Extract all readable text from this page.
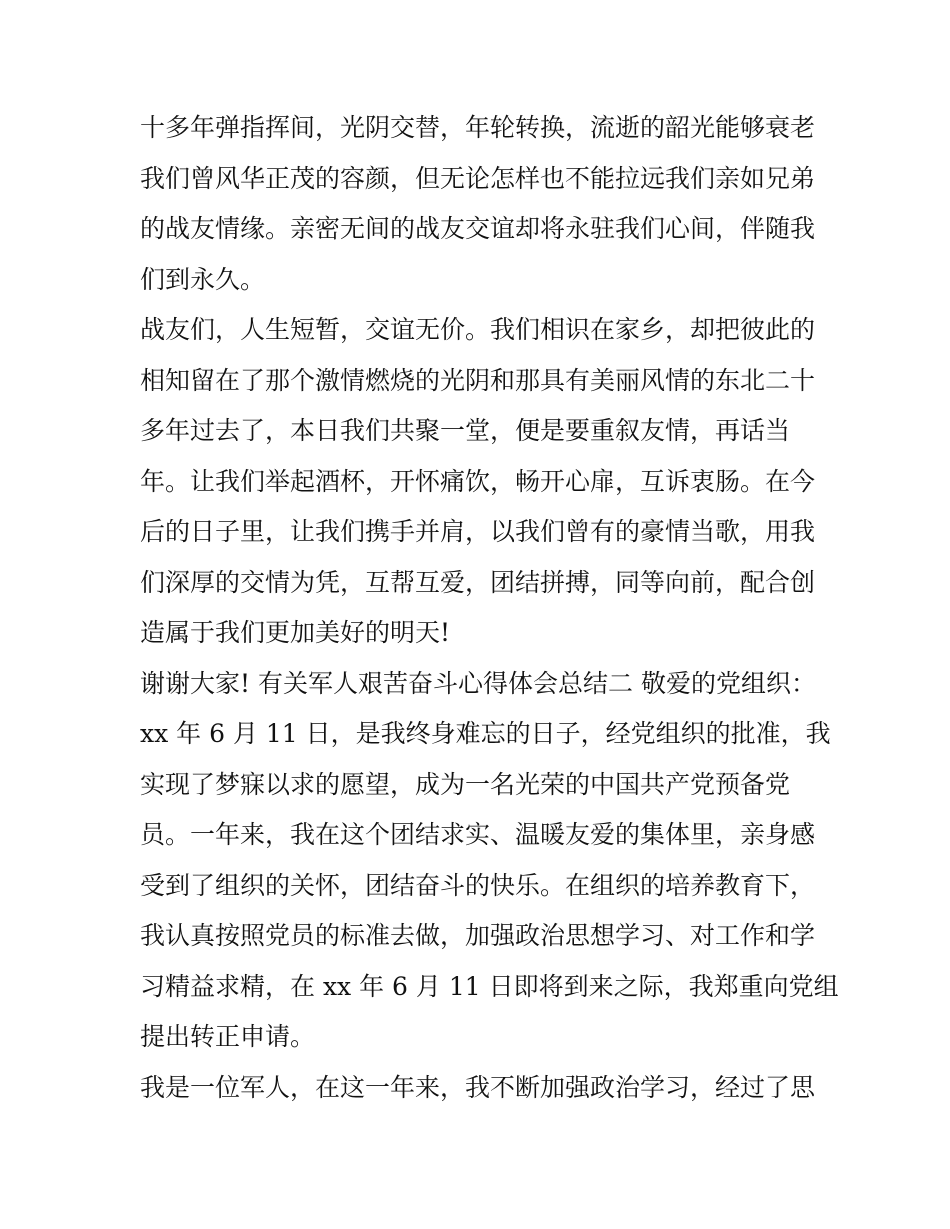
十多年弹指挥间，光阴交替，年轮转换，流逝的韶光能够衰老

我们曾风华正茂的容颜，但无论怎样也不能拉远我们亲如兄弟

的战友情缘。亲密无间的战友交谊却将永驻我们心间，伴随我

们到永久。

战友们，人生短暂，交谊无价。我们相识在家乡，却把彼此的

相知留在了那个激情燃烧的光阴和那具有美丽风情的东北二十

多年过去了，本日我们共聚一堂，便是要重叙友情，再话当

年。让我们举起酒杯，开怀痛饮，畅开心扉，互诉衷肠。在今

后的日子里，让我们携手并肩，以我们曾有的豪情当歌，用我

们深厚的交情为凭，互帮互爱，团结拼搏，同等向前，配合创

造属于我们更加美好的明天!

谢谢大家! 有关军人艰苦奋斗心得体会总结二 敬爱的党组织：

xx 年 6 月 11 日，是我终身难忘的日子，经党组织的批准，我

实现了梦寐以求的愿望，成为一名光荣的中国共产党预备党

员。一年来，我在这个团结求实、温暖友爱的集体里，亲身感

受到了组织的关怀，团结奋斗的快乐。在组织的培养教育下，

我认真按照党员的标准去做，加强政治思想学习、对工作和学

习精益求精，在 xx 年 6 月 11 日即将到来之际，我郑重向党组

提出转正申请。

我是一位军人，在这一年来，我不断加强政治学习，经过了思
